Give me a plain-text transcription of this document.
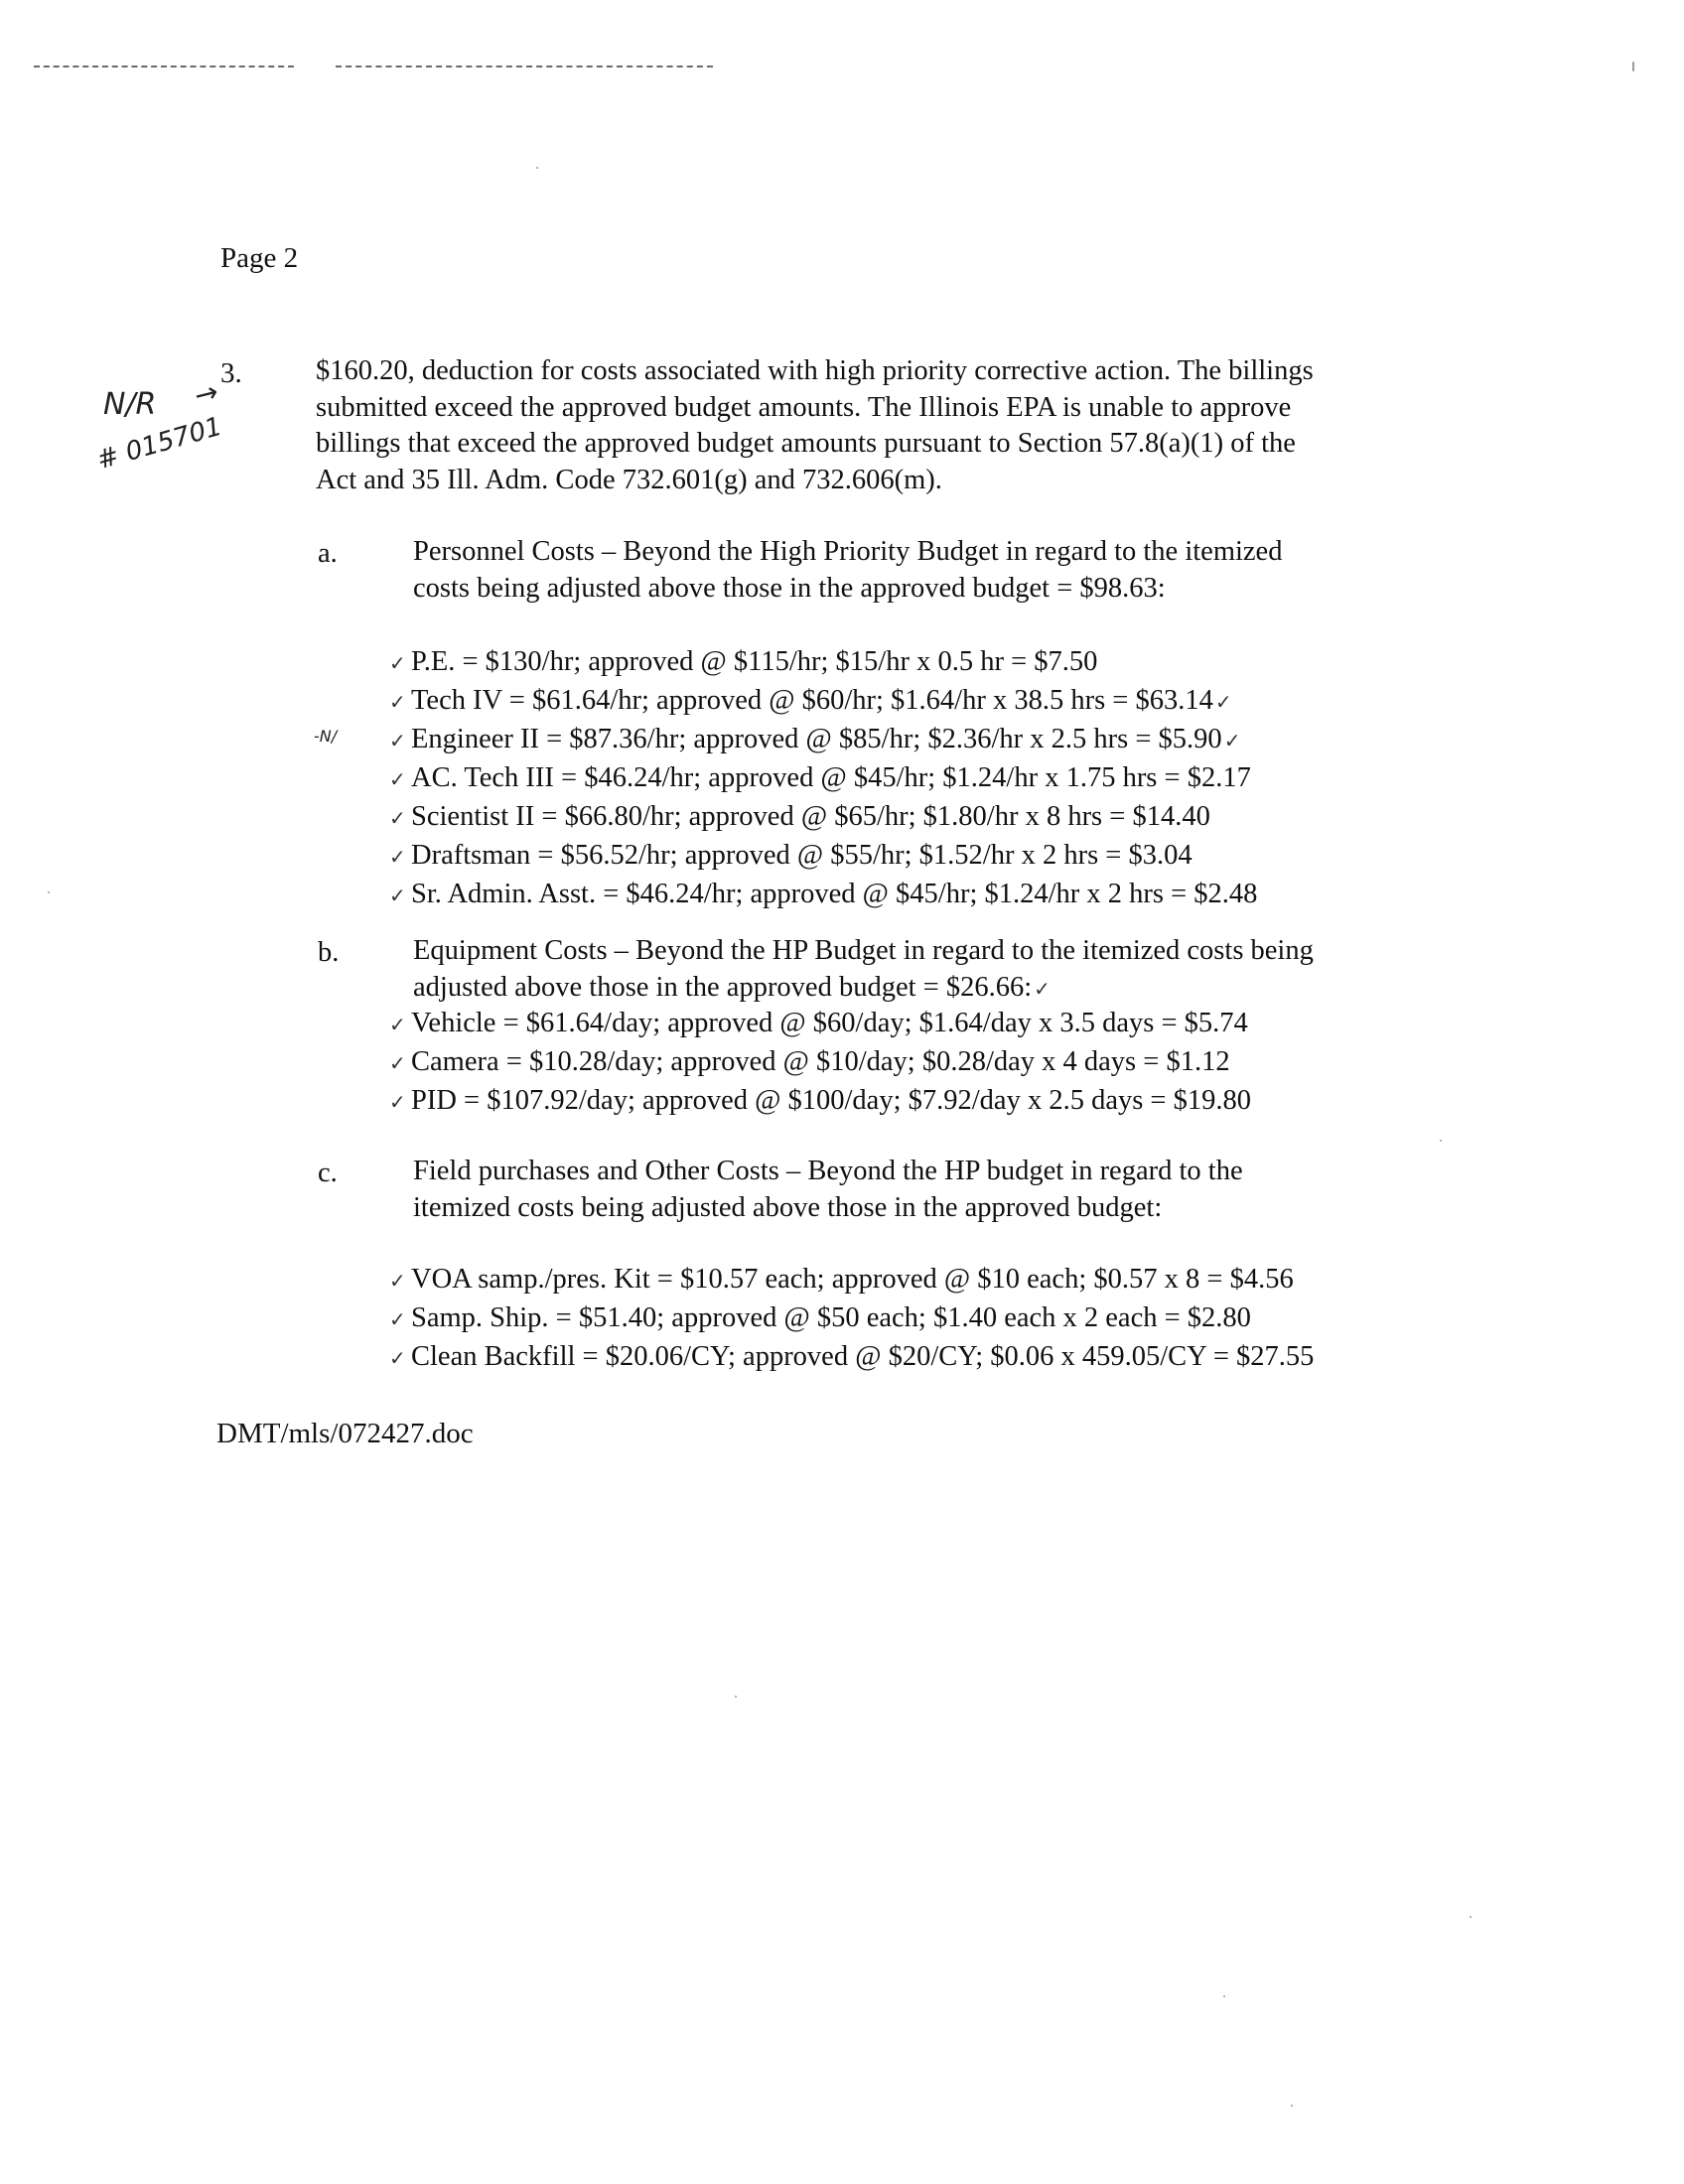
Page 2
N/R →
# 015701
-N/
3.	$160.20, deduction for costs associated with high priority corrective action. The billings

submitted exceed the approved budget amounts. The Illinois EPA is unable to approve

billings that exceed the approved budget amounts pursuant to Section 57.8(a)(1) of the

Act and 35 Ill. Adm. Code 732.601(g) and 732.606(m).

a.	Personnel Costs – Beyond the High Priority Budget in regard to the itemized

costs being adjusted above those in the approved budget = $98.63:

✓ P.E. = $130/hr; approved @ $115/hr; $15/hr x 0.5 hr = $7.50
✓ Tech IV = $61.64/hr; approved @ $60/hr; $1.64/hr x 38.5 hrs = $63.14 ✓
✓ Engineer II = $87.36/hr; approved @ $85/hr; $2.36/hr x 2.5 hrs = $5.90 ✓
✓ AC. Tech III = $46.24/hr; approved @ $45/hr; $1.24/hr x 1.75 hrs = $2.17
✓ Scientist II = $66.80/hr; approved @ $65/hr; $1.80/hr x 8 hrs = $14.40
✓ Draftsman = $56.52/hr; approved @ $55/hr; $1.52/hr x 2 hrs = $3.04
✓ Sr. Admin. Asst. = $46.24/hr; approved @ $45/hr; $1.24/hr x 2 hrs = $2.48
b.	Equipment Costs – Beyond the HP Budget in regard to the itemized costs being

adjusted above those in the approved budget = $26.66: ✓

✓ Vehicle = $61.64/day; approved @ $60/day; $1.64/day x 3.5 days = $5.74
✓ Camera = $10.28/day; approved @ $10/day; $0.28/day x 4 days = $1.12
✓ PID = $107.92/day; approved @ $100/day; $7.92/day x 2.5 days = $19.80
c.	Field purchases and Other Costs – Beyond the HP budget in regard to the

itemized costs being adjusted above those in the approved budget:

✓ VOA samp./pres. Kit = $10.57 each; approved @ $10 each; $0.57 x 8 = $4.56
✓ Samp. Ship. = $51.40; approved @ $50 each; $1.40 each x 2 each = $2.80
✓ Clean Backfill = $20.06/CY; approved @ $20/CY; $0.06 x 459.05/CY = $27.55
DMT/mls/072427.doc
